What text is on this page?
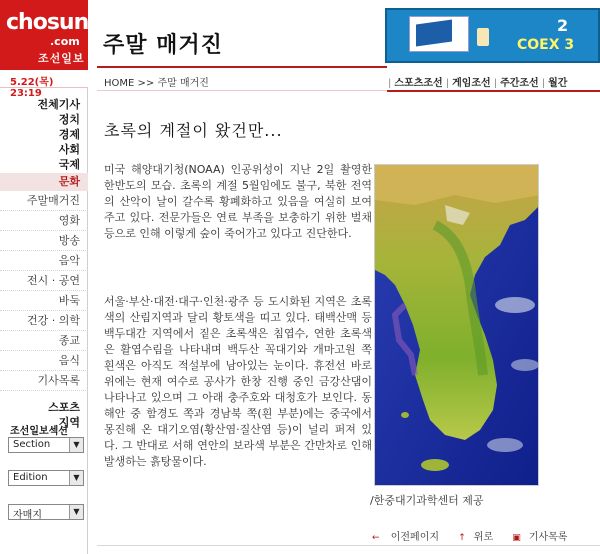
chosun
.com
조선일보
5.22(목) 23:19
전체기사
정치
경제
사회
국제
문화
주말매거진
영화
방송
음악
전시 · 공연
바둑
건강 · 의학
종교
음식
기사목록
스포츠
지역
조선일보섹션
Section	▼
Edition	▼
자매지	▼
주말 매거진
HOME >> 주말 매거진
2
COEX 3
| 스포츠조선 | 게임조선 | 주간조선 | 월간
초록의 계절이 왔건만...

미국 해양대기청(NOAA) 인공위성이 지난 2일 촬영한 한반도의 모습. 초록의 계절 5월임에도 불구, 북한 전역의 산악이 날이 갈수록 황폐화하고 있음을 여실히 보여주고 있다. 전문가들은 연료 부족을 보충하기 위한 벌채 등으로 인해 이렇게 숲이 죽어가고 있다고 진단한다.

서울·부산·대전·대구·인천·광주 등 도시화된 지역은 초록색의 산림지역과 달리 황토색을 띠고 있다. 태백산맥 등 백두대간 지역에서 짙은 초록색은 침엽수, 연한 초록색은 활엽수림을 나타내며 백두산 꼭대기와 개마고원 쪽 흰색은 아직도 적설부에 남아있는 눈이다. 휴전선 바로 위에는 현재 여수로 공사가 한창 진행 중인 금강산댐이 나타나고 있으며 그 아래 충주호와 대청호가 보인다. 동해안 중 함경도 쪽과 경남북 쪽(흰 부분)에는 중국에서 몽진해 온 대기오염(황산염·질산염 등)이 널리 퍼져 있다. 그 반대로 서해 연안의 보라색 부분은 간만차로 인해 발생하는 흙탕물이다.

/한중대기과학센터 제공
← 이전페이지 ↑ 위로 ▣ 기사목록
